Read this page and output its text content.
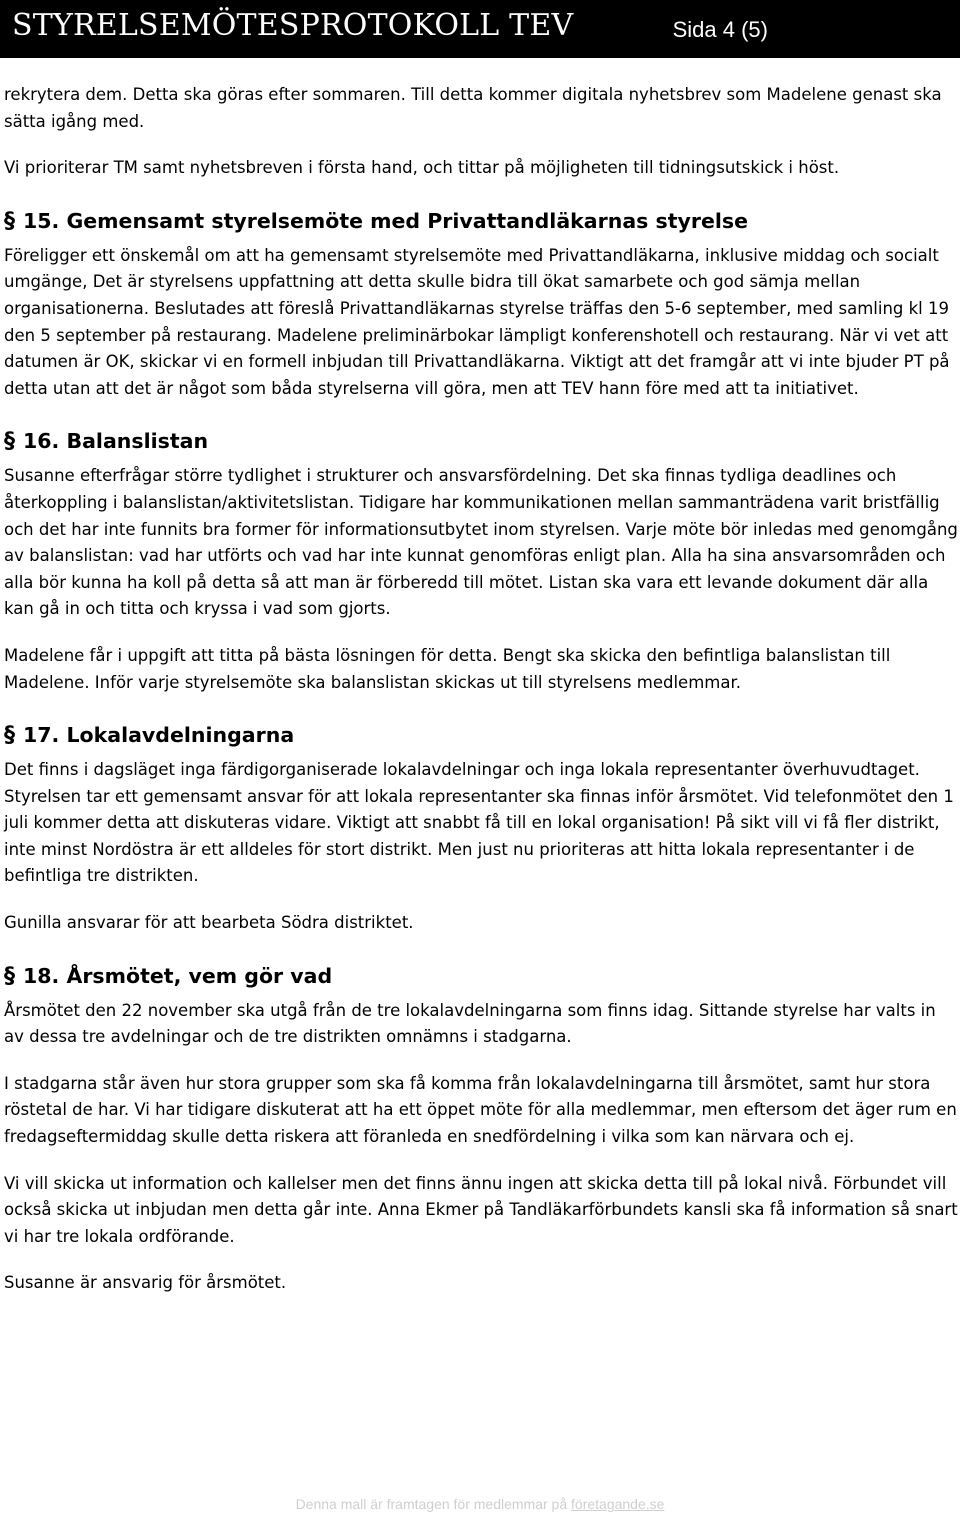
STYRELSEMÖTESPROTOKOLL TEV	Sida 4 (5)

rekrytera dem. Detta ska göras efter sommaren. Till detta kommer digitala nyhetsbrev som Madelene genast ska sätta igång med.

Vi prioriterar TM samt nyhetsbreven i första hand, och tittar på möjligheten till tidningsutskick i höst.

§ 15. Gemensamt styrelsemöte med Privattandläkarnas styrelse

Föreligger ett önskemål om att ha gemensamt styrelsemöte med Privattandläkarna, inklusive middag och socialt umgänge, Det är styrelsens uppfattning att detta skulle bidra till ökat samarbete och god sämja mellan organisationerna. Beslutades att föreslå Privattandläkarnas styrelse träffas den 5-6 september, med samling kl 19 den 5 september på restaurang. Madelene preliminärbokar lämpligt konferenshotell och restaurang. När vi vet att datumen är OK, skickar vi en formell inbjudan till Privattandläkarna. Viktigt att det framgår att vi inte bjuder PT på detta utan att det är något som båda styrelserna vill göra, men att TEV hann före med att ta initiativet.

§ 16. Balanslistan

Susanne efterfrågar större tydlighet i strukturer och ansvarsfördelning. Det ska finnas tydliga deadlines och återkoppling i balanslistan/aktivitetslistan. Tidigare har kommunikationen mellan sammanträdena varit bristfällig och det har inte funnits bra former för informationsutbytet inom styrelsen. Varje möte bör inledas med genomgång av balanslistan: vad har utförts och vad har inte kunnat genomföras enligt plan. Alla ha sina ansvarsområden och alla bör kunna ha koll på detta så att man är förberedd till mötet. Listan ska vara ett levande dokument där alla kan gå in och titta och kryssa i vad som gjorts.

Madelene får i uppgift att titta på bästa lösningen för detta. Bengt ska skicka den befintliga balanslistan till Madelene. Inför varje styrelsemöte ska balanslistan skickas ut till styrelsens medlemmar.

§ 17. Lokalavdelningarna

Det finns i dagsläget inga färdigorganiserade lokalavdelningar och inga lokala representanter överhuvudtaget. Styrelsen tar ett gemensamt ansvar för att lokala representanter ska finnas inför årsmötet. Vid telefonmötet den 1 juli kommer detta att diskuteras vidare. Viktigt att snabbt få till en lokal organisation! På sikt vill vi få fler distrikt, inte minst Nordöstra är ett alldeles för stort distrikt. Men just nu prioriteras att hitta lokala representanter i de befintliga tre distrikten.

Gunilla ansvarar för att bearbeta Södra distriktet.

§ 18. Årsmötet, vem gör vad

Årsmötet den 22 november ska utgå från de tre lokalavdelningarna som finns idag. Sittande styrelse har valts in av dessa tre avdelningar och de tre distrikten omnämns i stadgarna.

I stadgarna står även hur stora grupper som ska få komma från lokalavdelningarna till årsmötet, samt hur stora röstetal de har. Vi har tidigare diskuterat att ha ett öppet möte för alla medlemmar, men eftersom det äger rum en fredagseftermiddag skulle detta riskera att föranleda en snedfördelning i vilka som kan närvara och ej.

Vi vill skicka ut information och kallelser men det finns ännu ingen att skicka detta till på lokal nivå. Förbundet vill också skicka ut inbjudan men detta går inte. Anna Ekmer på Tandläkarförbundets kansli ska få information så snart vi har tre lokala ordförande.

Susanne är ansvarig för årsmötet.

Denna mall är framtagen för medlemmar på företagande.se
